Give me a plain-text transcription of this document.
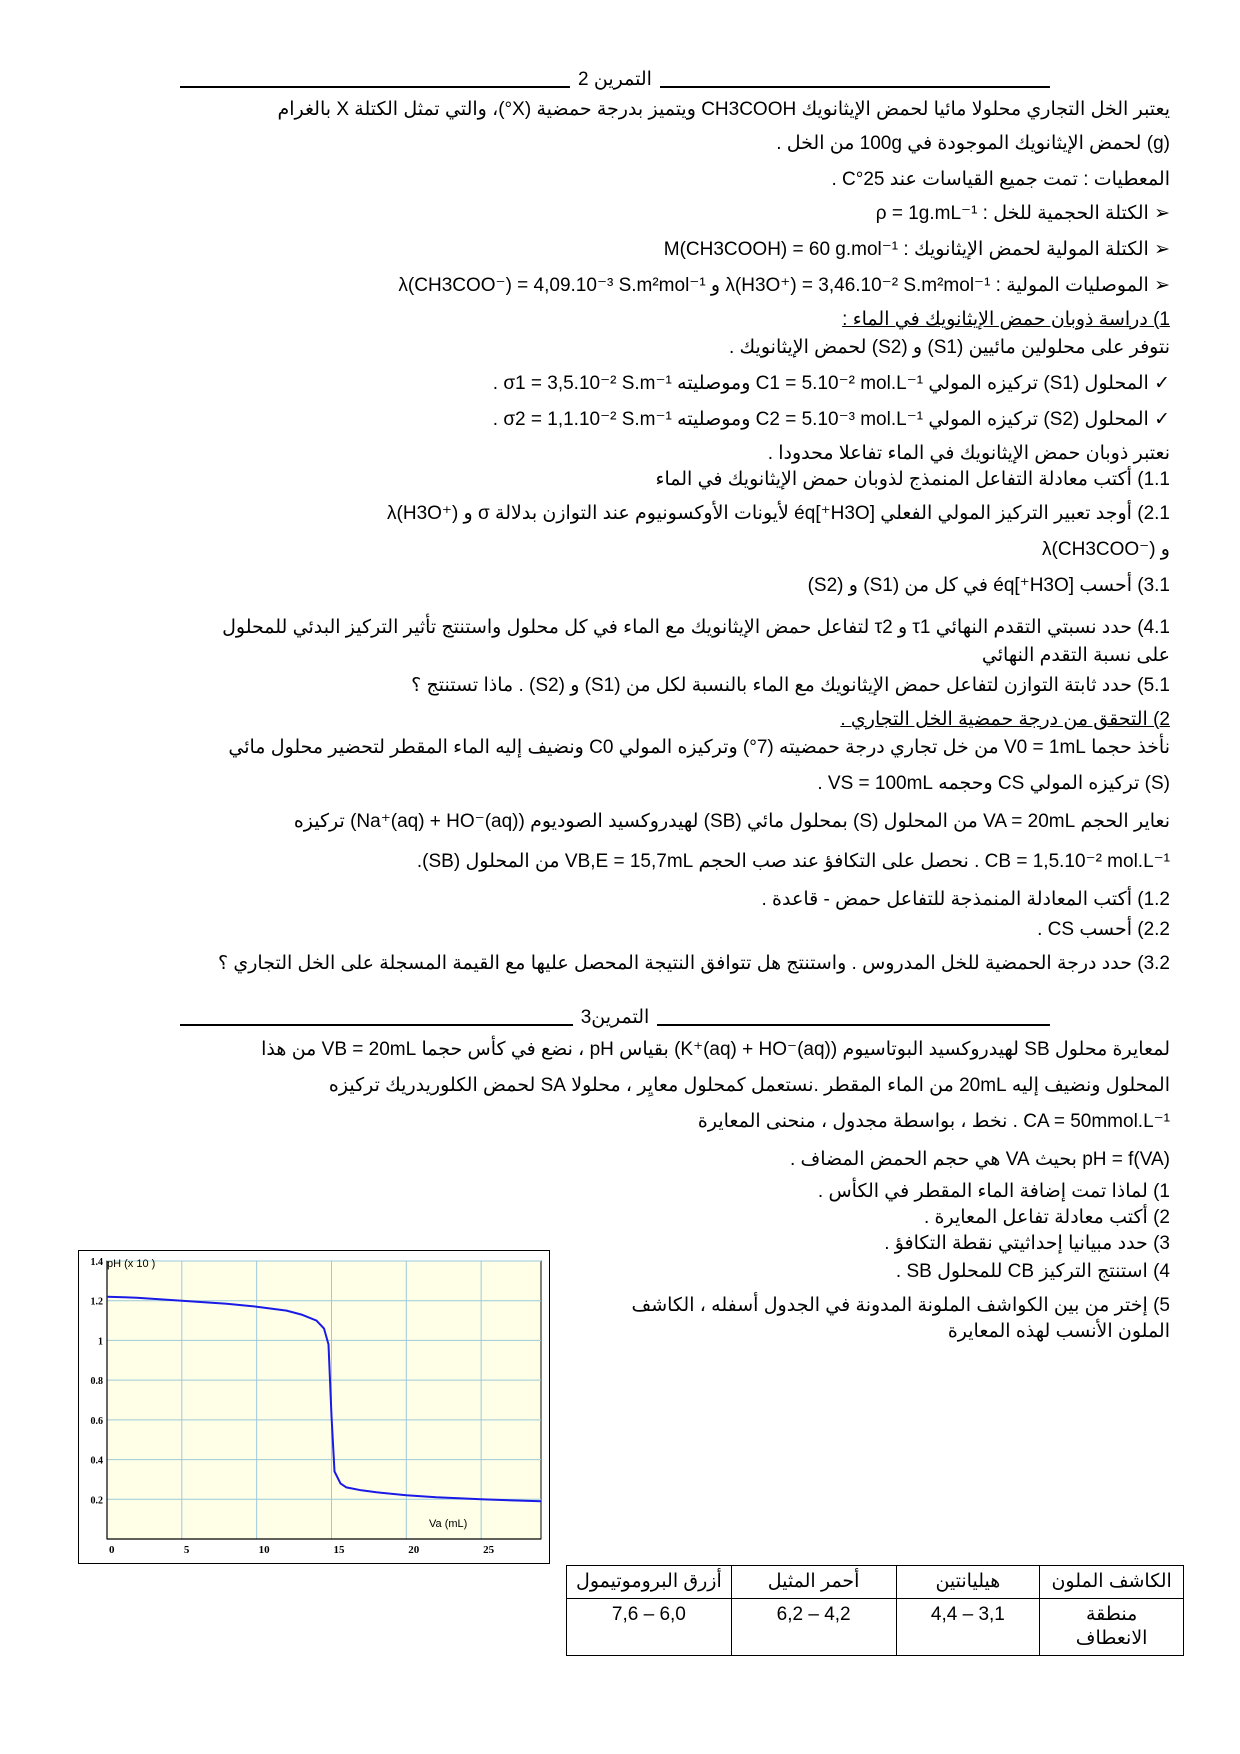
التمرين 2
يعتبر الخل التجاري محلولا مائيا لحمض الإيثانويك CH3COOH ويتميز بدرجة حمضية (X°)، والتي تمثل الكتلة X بالغرام
(g) لحمض الإيثانويك الموجودة في 100g من الخل .
المعطيات : تمت جميع القياسات عند 25°C .
➢ الكتلة الحجمية للخل : ρ = 1g.mL⁻¹
➢ الكتلة المولية لحمض الإيثانويك : M(CH3COOH) = 60 g.mol⁻¹
➢ الموصليات المولية : λ(H3O⁺) = 3,46.10⁻² S.m²mol⁻¹ و λ(CH3COO⁻) = 4,09.10⁻³ S.m²mol⁻¹
1) دراسة ذوبان حمض الإيثانويك في الماء :
نتوفر على محلولين مائيين (S1) و (S2) لحمض الإيثانويك .
✓ المحلول (S1) تركيزه المولي C1 = 5.10⁻² mol.L⁻¹ وموصليته σ1 = 3,5.10⁻² S.m⁻¹ .
✓ المحلول (S2) تركيزه المولي C2 = 5.10⁻³ mol.L⁻¹ وموصليته σ2 = 1,1.10⁻² S.m⁻¹ .
نعتبر ذوبان حمض الإيثانويك في الماء تفاعلا محدودا .
1.1) أكتب معادلة التفاعل المنمذج لذوبان حمض الإيثانويك في الماء
2.1) أوجد تعبير التركيز المولي الفعلي [H3O⁺]éq لأيونات الأوكسونيوم عند التوازن بدلالة σ و λ(H3O⁺)
و λ(CH3COO⁻)
3.1) أحسب [H3O⁺]éq في كل من (S1) و (S2)
4.1) حدد نسبتي التقدم النهائي τ1 و τ2 لتفاعل حمض الإيثانويك مع الماء في كل محلول واستنتج تأثير التركيز البدئي للمحلول
على نسبة التقدم النهائي
5.1) حدد ثابتة التوازن لتفاعل حمض الإيثانويك مع الماء بالنسبة لكل من (S1) و (S2) . ماذا تستنتج ؟
2) التحقق من درجة حمضية الخل التجاري .
نأخذ حجما V0 = 1mL من خل تجاري درجة حمضيته (7°) وتركيزه المولي C0 ونضيف إليه الماء المقطر لتحضير محلول مائي
(S) تركيزه المولي CS وحجمه VS = 100mL .
نعاير الحجم VA = 20mL من المحلول (S) بمحلول مائي (SB) لهيدروكسيد الصوديوم (Na⁺(aq) + HO⁻(aq)) تركيزه
CB = 1,5.10⁻² mol.L⁻¹ . نحصل على التكافؤ عند صب الحجم VB,E = 15,7mL من المحلول (SB).
1.2) أكتب المعادلة المنمذجة للتفاعل حمض - قاعدة .
2.2) أحسب CS .
3.2) حدد درجة الحمضية للخل المدروس . واستنتج هل تتوافق النتيجة المحصل عليها مع القيمة المسجلة على الخل التجاري ؟
التمرين3
لمعايرة محلول SB لهيدروكسيد البوتاسيوم (K⁺(aq) + HO⁻(aq)) بقياس pH ، نضع في كأس حجما VB = 20mL من هذا
المحلول ونضيف إليه 20mL من الماء المقطر .نستعمل كمحلول معايِر ، محلولا SA لحمض الكلوريدريك تركيزه
CA = 50mmol.L⁻¹ . نخط ، بواسطة مجدول ، منحنى المعايرة
pH = f(VA) بحيث VA هي حجم الحمض المضاف .
1) لماذا تمت إضافة الماء المقطر في الكأس .
2) أكتب معادلة تفاعل المعايرة .
3) حدد مبيانيا إحداثيتي نقطة التكافؤ .
4) استنتج التركيز CB للمحلول SB .
5) إختر من بين الكواشف الملونة المدونة في الجدول أسفله ، الكاشف
الملون الأنسب لهذه المعايرة
0	5	10	15	20	25
0.2
0.4
0.6
0.8
1
1.2
1.4 pH (x 10 )
Va (mL)
الكاشف الملون	هيليانتين	أحمر المثيل	أزرق البروموتيمول
منطقة الانعطاف	3,1 – 4,4	4,2 – 6,2	6,0 – 7,6
